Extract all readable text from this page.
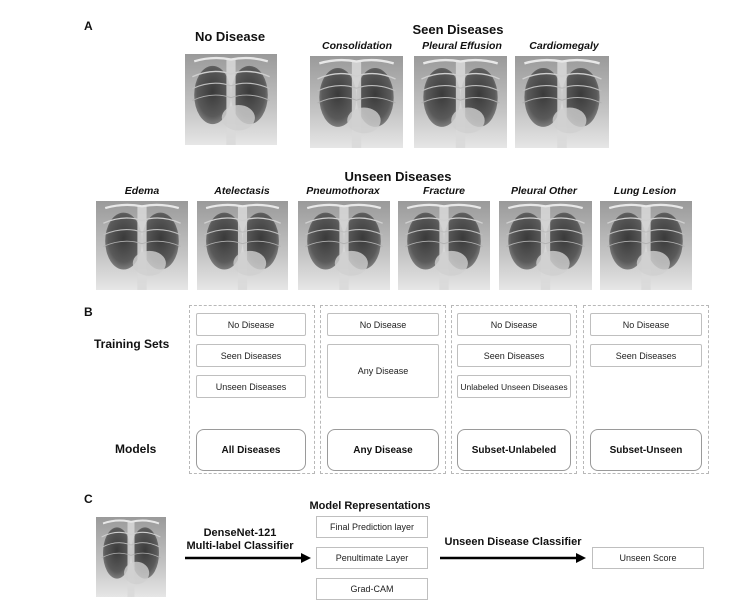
A
No Disease	Seen Diseases
Consolidation	Pleural Effusion	Cardiomegaly
Unseen Diseases
Edema	Atelectasis	Pneumothorax	Fracture	Pleural Other	Lung Lesion
B
Training Sets
Models
No Disease
Seen Diseases
Unseen Diseases
All Diseases
No Disease
Any Disease
Any Disease
No Disease
Seen Diseases
Unlabeled Unseen Diseases
Subset-Unlabeled
No Disease
Seen Diseases
Subset-Unseen
C
DenseNet-121
Multi-label Classifier
Model Representations
Final Prediction layer
Penultimate Layer
Grad-CAM
Unseen Disease Classifier
Unseen Score
